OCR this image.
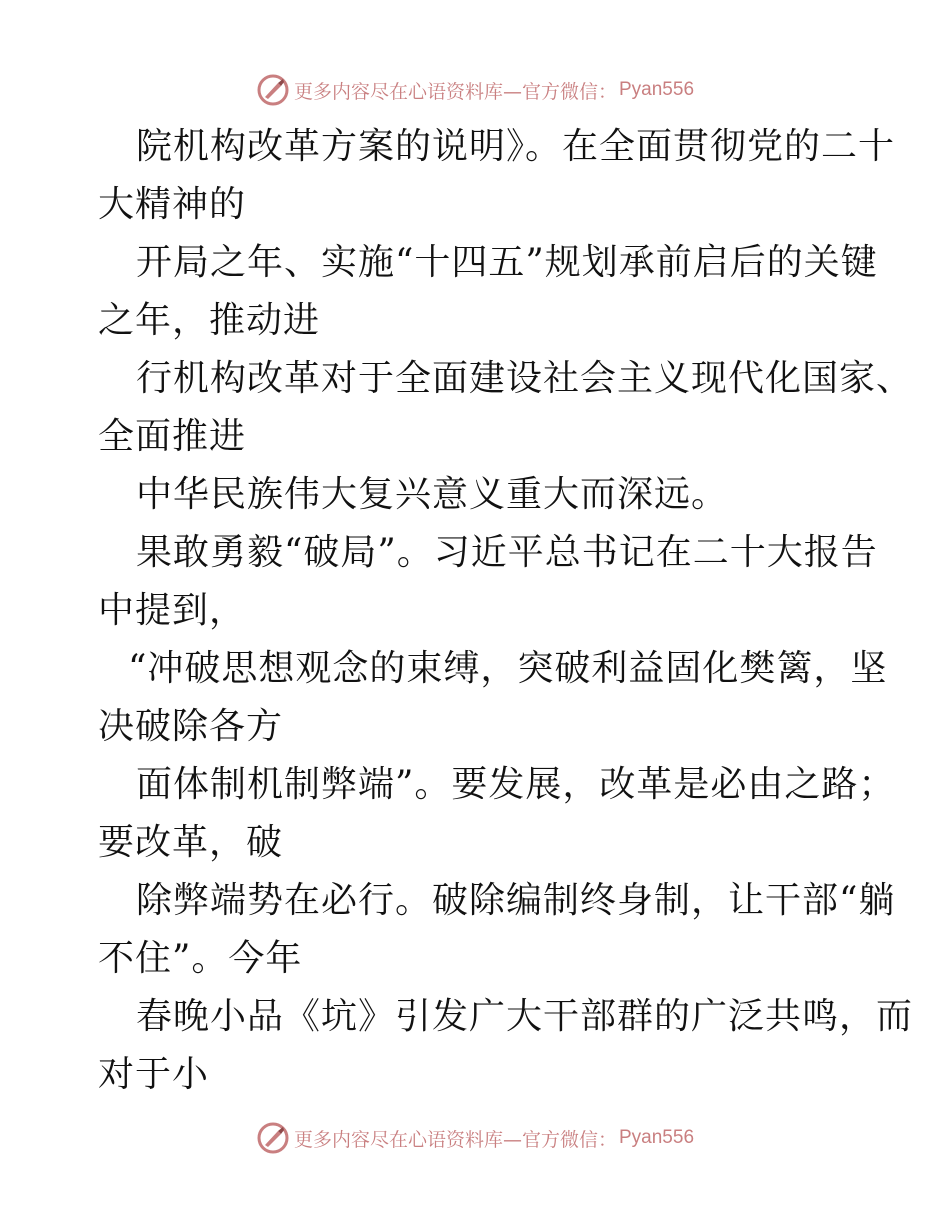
更多内容尽在心语资料库—官方微信： Pyan556
院机构改革方案的说明》。在全面贯彻党的二十
大精神的
开局之年、实施“十四五”规划承前启后的关键
之年，推动进
行机构改革对于全面建设社会主义现代化国家、
全面推进
中华民族伟大复兴意义重大而深远。
果敢勇毅“破局”。习近平总书记在二十大报告
中提到，
“冲破思想观念的束缚，突破利益固化樊篱，坚
决破除各方
面体制机制弊端”。要发展，改革是必由之路；
要改革，破
除弊端势在必行。破除编制终身制，让干部“躺
不住”。今年
春晚小品《坑》引发广大干部群的广泛共鸣，而
对于小
更多内容尽在心语资料库—官方微信： Pyan556
